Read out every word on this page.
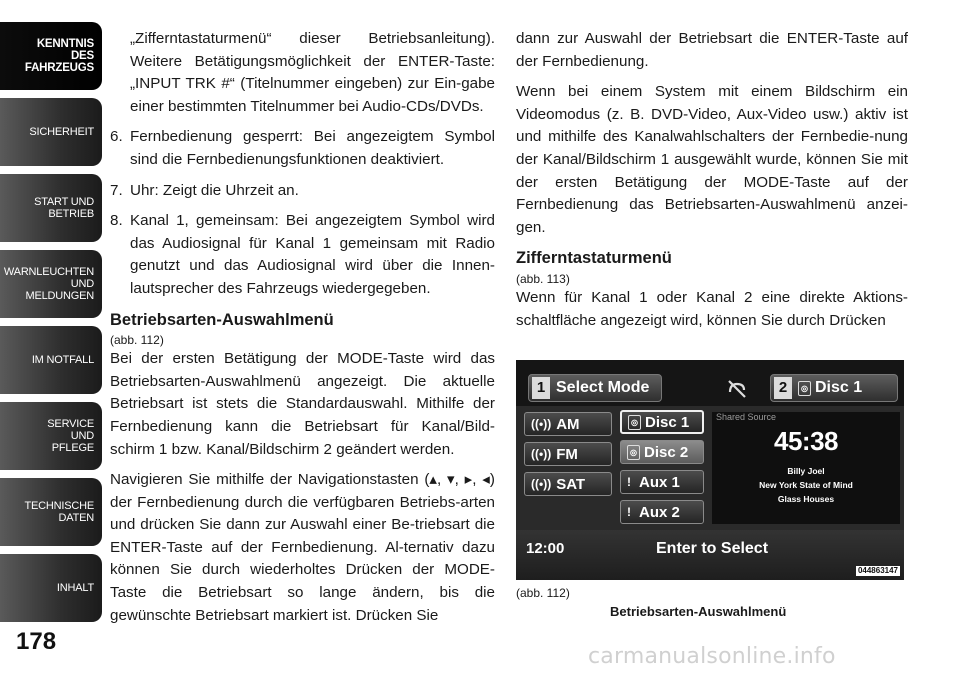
KENNTNIS
DES
FAHRZEUGS
SICHERHEIT
START UND
BETRIEB
WARNLEUCHTEN
UND
MELDUNGEN
IM NOTFALL
SERVICE
UND
PFLEGE
TECHNISCHE
DATEN
INHALT
178

„Zifferntastaturmenü“ dieser Betriebsanleitung). Weitere Betätigungsmöglichkeit der ENTER-Taste: „INPUT TRK #“ (Titelnummer eingeben) zur Ein-gabe einer bestimmten Titelnummer bei Audio-CDs/DVDs.

6. Fernbedienung gesperrt: Bei angezeigtem Symbol sind die Fernbedienungsfunktionen deaktiviert.

7. Uhr: Zeigt die Uhrzeit an.

8. Kanal 1, gemeinsam: Bei angezeigtem Symbol wird das Audiosignal für Kanal 1 gemeinsam mit Radio genutzt und das Audiosignal wird über die Innen-lautsprecher des Fahrzeugs wiedergegeben.

Betriebsarten-Auswahlmenü
(abb. 112)

Bei der ersten Betätigung der MODE-Taste wird das Betriebsarten-Auswahlmenü angezeigt. Die aktuelle Betriebsart ist stets die Standardauswahl. Mithilfe der Fernbedienung kann die Betriebsart für Kanal/Bild-schirm 1 bzw. Kanal/Bildschirm 2 geändert werden.

Navigieren Sie mithilfe der Navigationstasten (▴, ▾, ▸, ◂) der Fernbedienung durch die verfügbaren Betriebs-arten und drücken Sie dann zur Auswahl einer Be-triebsart die ENTER-Taste auf der Fernbedienung. Al-ternativ dazu können Sie durch wiederholtes Drücken der MODE-Taste die Betriebsart so lange ändern, bis die gewünschte Betriebsart markiert ist. Drücken Sie

dann zur Auswahl der Betriebsart die ENTER-Taste auf der Fernbedienung.

Wenn bei einem System mit einem Bildschirm ein Videomodus (z. B. DVD-Video, Aux-Video usw.) aktiv ist und mithilfe des Kanalwahlschalters der Fernbedie-nung der Kanal/Bildschirm 1 ausgewählt wurde, können Sie mit der ersten Betätigung der MODE-Taste auf der Fernbedienung das Betriebsarten-Auswahlmenü anzei-gen.

Zifferntastaturmenü
(abb. 113)

Wenn für Kanal 1 oder Kanal 2 eine direkte Aktions-schaltfläche angezeigt wird, können Sie durch Drücken

1 Select Mode	2	◎ Disc 1
((•)) AM
((•)) FM
((•)) SAT
◎ Disc 1
◎ Disc 2
ǃ Aux 1
ǃ Aux 2
Shared Source
45:38
Billy Joel
New York State of Mind
Glass Houses
12:00	Enter to Select
044863147
(abb. 112)
Betriebsarten-Auswahlmenü
carmanualsonline.info
